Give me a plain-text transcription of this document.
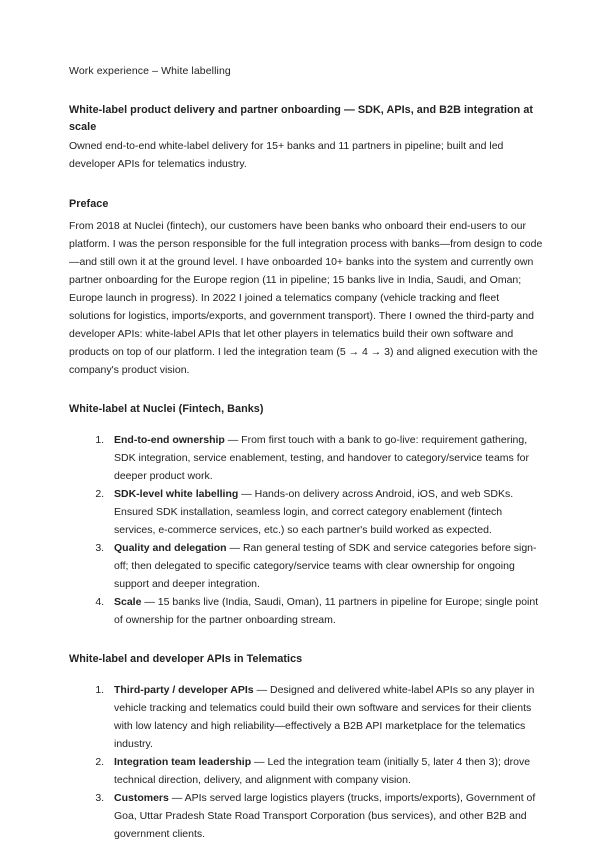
Work experience – White labelling
White-label product delivery and partner onboarding — SDK, APIs, and B2B integration at scale

Owned end-to-end white-label delivery for 15+ banks and 11 partners in pipeline; built and led developer APIs for telematics industry.

Preface

From 2018 at Nuclei (fintech), our customers have been banks who onboard their end-users to our platform. I was the person responsible for the full integration process with banks—from design to code—and still own it at the ground level. I have onboarded 10+ banks into the system and currently own partner onboarding for the Europe region (11 in pipeline; 15 banks live in India, Saudi, and Oman; Europe launch in progress). In 2022 I joined a telematics company (vehicle tracking and fleet solutions for logistics, imports/exports, and government transport). There I owned the third-party and developer APIs: white-label APIs that let other players in telematics build their own software and products on top of our platform. I led the integration team (5 → 4 → 3) and aligned execution with the company's product vision.

White-label at Nuclei (Fintech, Banks)
1. End-to-end ownership — From first touch with a bank to go-live: requirement gathering, SDK integration, service enablement, testing, and handover to category/service teams for deeper product work.
2. SDK-level white labelling — Hands-on delivery across Android, iOS, and web SDKs. Ensured SDK installation, seamless login, and correct category enablement (fintech services, e-commerce services, etc.) so each partner's build worked as expected.
3. Quality and delegation — Ran general testing of SDK and service categories before sign-off; then delegated to specific category/service teams with clear ownership for ongoing support and deeper integration.
4. Scale — 15 banks live (India, Saudi, Oman), 11 partners in pipeline for Europe; single point of ownership for the partner onboarding stream.
White-label and developer APIs in Telematics
1. Third-party / developer APIs — Designed and delivered white-label APIs so any player in vehicle tracking and telematics could build their own software and services for their clients with low latency and high reliability—effectively a B2B API marketplace for the telematics industry.
2. Integration team leadership — Led the integration team (initially 5, later 4 then 3); drove technical direction, delivery, and alignment with company vision.
3. Customers — APIs served large logistics players (trucks, imports/exports), Government of Goa, Uttar Pradesh State Road Transport Corporation (bus services), and other B2B and government clients.
